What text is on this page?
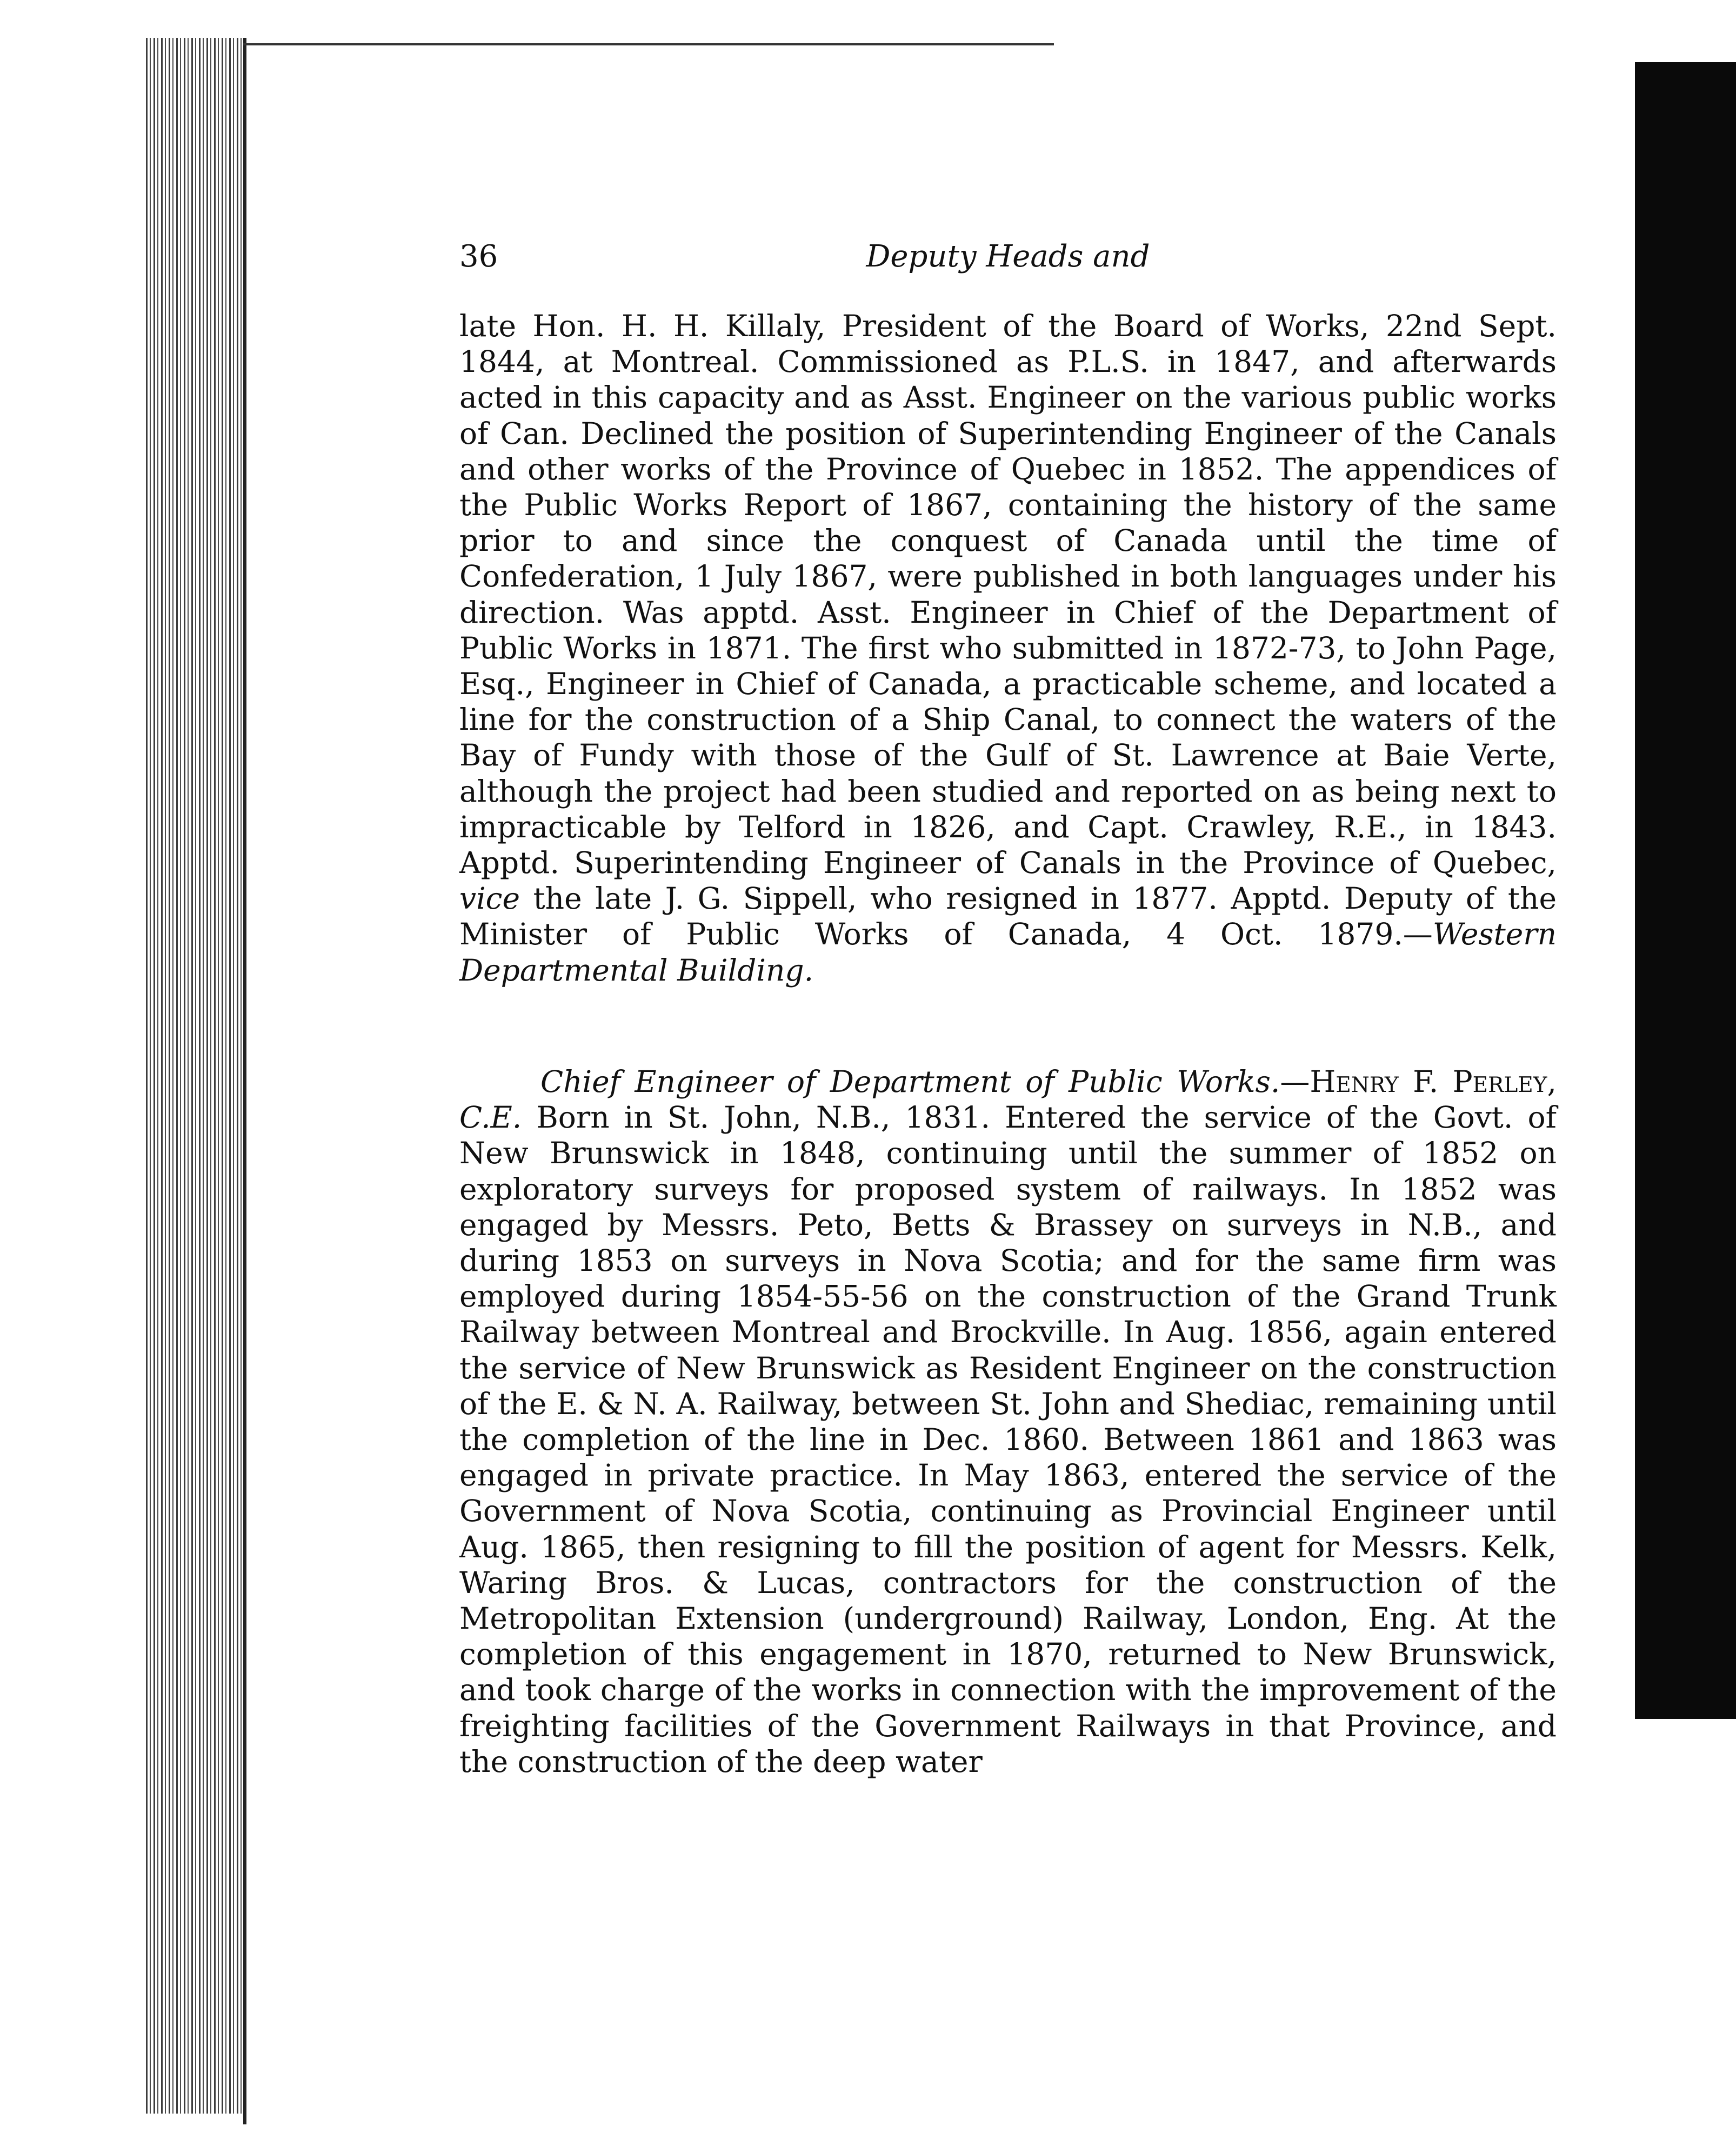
36	Deputy Heads and

late Hon. H. H. Killaly, President of the Board of Works, 22nd Sept. 1844, at Montreal. Commissioned as P.L.S. in 1847, and afterwards acted in this capacity and as Asst. Engineer on the various public works of Can. Declined the position of Superintending Engineer of the Canals and other works of the Province of Quebec in 1852. The appendices of the Public Works Report of 1867, containing the history of the same prior to and since the conquest of Canada until the time of Confederation, 1 July 1867, were published in both languages under his direction. Was apptd. Asst. Engineer in Chief of the Department of Public Works in 1871. The first who submitted in 1872-73, to John Page, Esq., Engineer in Chief of Canada, a practicable scheme, and located a line for the construction of a Ship Canal, to connect the waters of the Bay of Fundy with those of the Gulf of St. Lawrence at Baie Verte, although the project had been studied and reported on as being next to impracticable by Telford in 1826, and Capt. Crawley, R.E., in 1843. Apptd. Superintending Engineer of Canals in the Province of Quebec, vice the late J. G. Sippell, who resigned in 1877. Apptd. Deputy of the Minister of Public Works of Canada, 4 Oct. 1879.—Western Departmental Building.

Chief Engineer of Department of Public Works.—Henry F. Perley, C.E. Born in St. John, N.B., 1831. Entered the service of the Govt. of New Brunswick in 1848, continuing until the summer of 1852 on exploratory surveys for proposed system of railways. In 1852 was engaged by Messrs. Peto, Betts & Brassey on surveys in N.B., and during 1853 on surveys in Nova Scotia; and for the same firm was employed during 1854-55-56 on the construction of the Grand Trunk Railway between Montreal and Brockville. In Aug. 1856, again entered the service of New Brunswick as Resident Engineer on the construction of the E. & N. A. Railway, between St. John and Shediac, remaining until the completion of the line in Dec. 1860. Between 1861 and 1863 was engaged in private practice. In May 1863, entered the service of the Government of Nova Scotia, continuing as Provincial Engineer until Aug. 1865, then resigning to fill the position of agent for Messrs. Kelk, Waring Bros. & Lucas, contractors for the construction of the Metropolitan Extension (underground) Railway, London, Eng. At the completion of this engagement in 1870, returned to New Brunswick, and took charge of the works in connection with the improvement of the freighting facilities of the Government Railways in that Province, and the construction of the deep water
